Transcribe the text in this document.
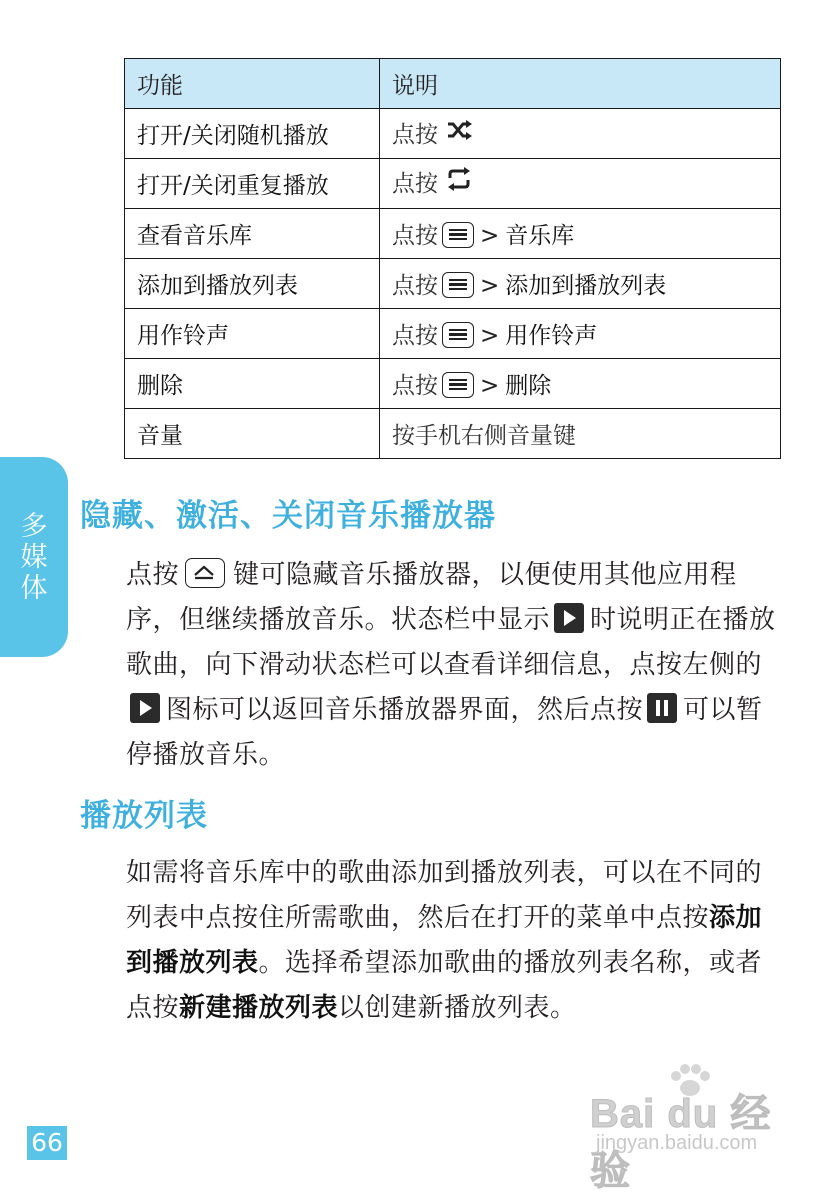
功能	说明
打开/关闭随机播放	点按
打开/关闭重复播放	点按
查看音乐库	点按 > 音乐库
添加到播放列表	点按 > 添加到播放列表
用作铃声	点按 > 用作铃声
删除	点按 > 删除
音量	按手机右侧音量键
多
媒
体
隐藏、激活、关闭音乐播放器

点按 键可隐藏音乐播放器，以便使用其他应用程序，但继续播放音乐。状态栏中显示 时说明正在播放歌曲，向下滑动状态栏可以查看详细信息，点按左侧的
图标可以返回音乐播放器界面，然后点按 可以暂停播放音乐。

播放列表

如需将音乐库中的歌曲添加到播放列表，可以在不同的列表中点按住所需歌曲，然后在打开的菜单中点按添加到播放列表。选择希望添加歌曲的播放列表名称，或者点按新建播放列表以创建新播放列表。

66
Bai du 经验
jingyan.baidu.com
